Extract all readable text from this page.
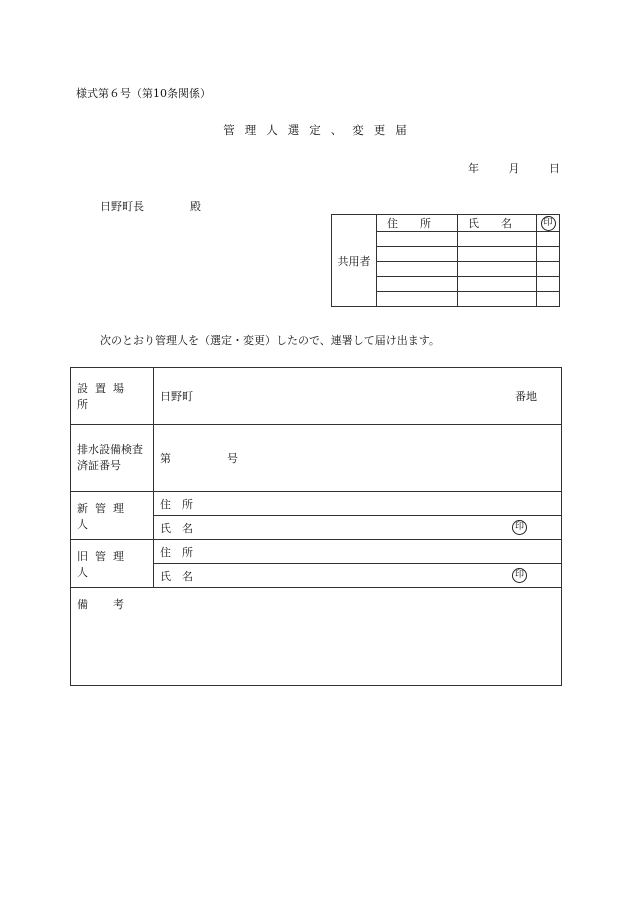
様式第６号（第10条関係）
管理人選定、変更届
年	月	日
日野町長	殿
共用者	住　　所	氏　　名	印

次のとおり管理人を（選定・変更）したので、連署して届け出ます。
設置場所	日野町 番地

排水設備検査
済証番号	第 号
新管理人	住　所

	氏　名 印

旧管理人	住　所

	氏　名 印

備　考	
